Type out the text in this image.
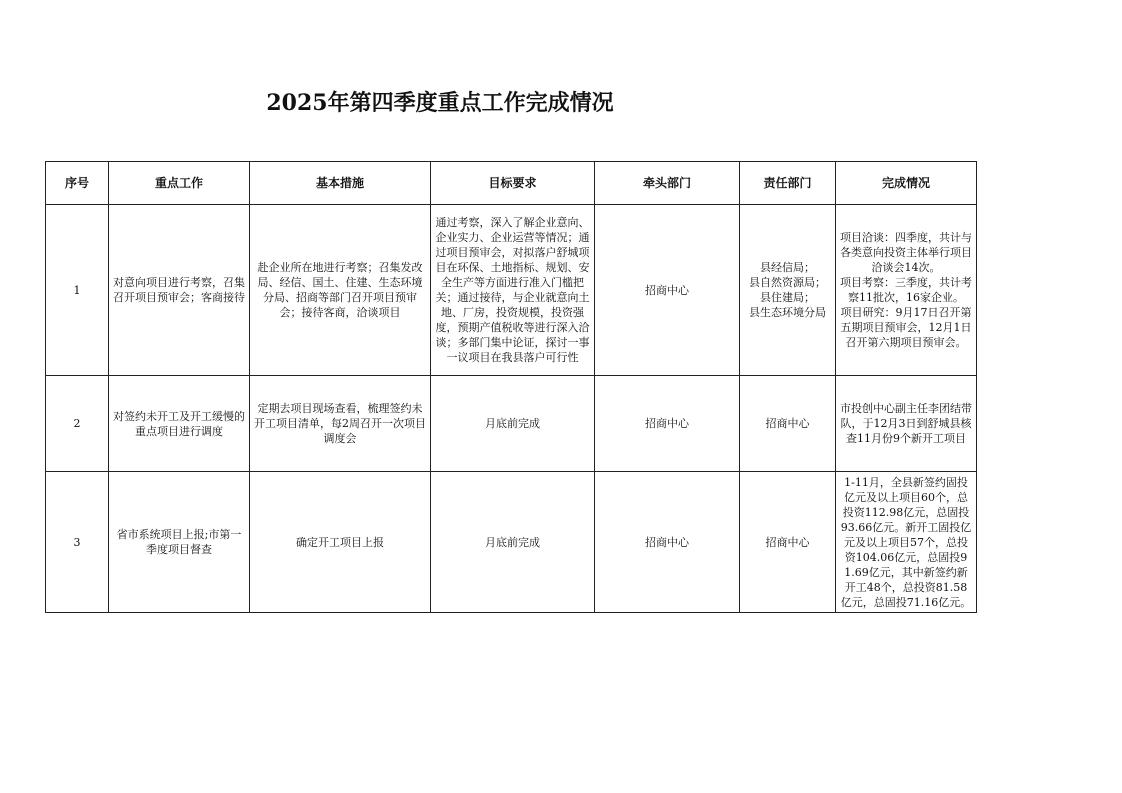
2025年第四季度重点工作完成情况
序号	重点工作	基本措施	目标要求	牵头部门	责任部门	完成情况
1	对意向项目进行考察，召集召开项目预审会；客商接待	赴企业所在地进行考察；召集发改局、经信、国土、住建、生态环境分局、招商等部门召开项目预审会；接待客商，洽谈项目	通过考察，深入了解企业意向、企业实力、企业运营等情况；通过项目预审会，对拟落户舒城项目在环保、土地指标、规划、安全生产等方面进行准入门槛把关；通过接待，与企业就意向土地、厂房，投资规模，投资强度，预期产值税收等进行深入洽谈；多部门集中论证，探讨一事一议项目在我县落户可行性	招商中心	县经信局；
县自然资源局；
县住建局；
县生态环境分局	项目洽谈：四季度，共计与各类意向投资主体举行项目洽谈会14次。
项目考察：三季度，共计考察11批次，16家企业。
项目研究：9月17日召开第五期项目预审会，12月1日召开第六期项目预审会。
2	对签约未开工及开工缓慢的重点项目进行调度	定期去项目现场查看，梳理签约未开工项目清单，每2周召开一次项目调度会	月底前完成	招商中心	招商中心	市投创中心副主任李团结带队，于12月3日到舒城县核查11月份9个新开工项目
3	省市系统项目上报;市第一季度项目督查	确定开工项目上报	月底前完成	招商中心	招商中心	1-11月，全县新签约固投亿元及以上项目60个，总投资112.98亿元，总固投93.66亿元。新开工固投亿元及以上项目57个，总投资104.06亿元，总固投91.69亿元，其中新签约新开工48个，总投资81.58亿元，总固投71.16亿元。
